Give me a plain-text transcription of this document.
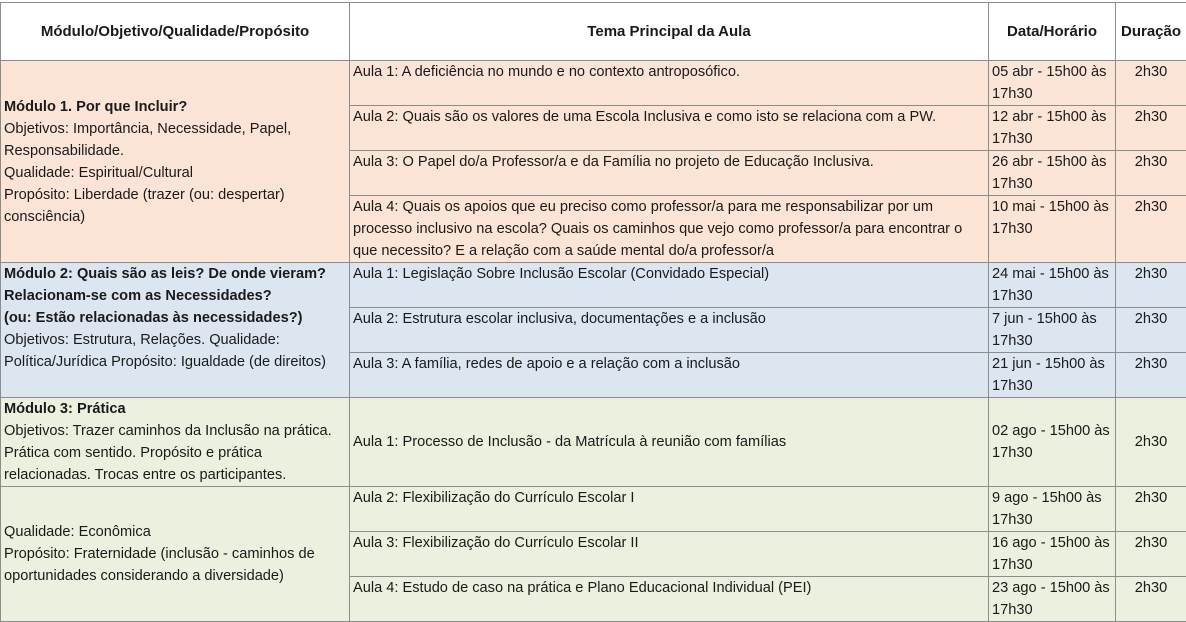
Módulo/Objetivo/Qualidade/Propósito	Tema Principal da Aula	Data/Horário	Duração

Módulo 1. Por que Incluir?
Objetivos: Importância, Necessidade, Papel, Responsabilidade.
Qualidade: Espiritual/Cultural
Propósito: Liberdade (trazer (ou: despertar) consciência)	Aula 1: A deficiência no mundo e no contexto antroposófico.	05 abr - 15h00 às 17h30	2h30
	Aula 2: Quais são os valores de uma Escola Inclusiva e como isto se relaciona com a PW.	12 abr - 15h00 às 17h30	2h30
	Aula 3: O Papel do/a Professor/a e da Família no projeto de Educação Inclusiva.	26 abr - 15h00 às 17h30	2h30
	Aula 4: Quais os apoios que eu preciso como professor/a para me responsabilizar por um processo inclusivo na escola? Quais os caminhos que vejo como professor/a para encontrar o que necessito? E a relação com a saúde mental do/a professor/a	10 mai - 15h00 às 17h30	2h30

Módulo 2: Quais são as leis? De onde vieram?
Relacionam-se com as Necessidades?
(ou: Estão relacionadas às necessidades?)
Objetivos: Estrutura, Relações. Qualidade: Política/Jurídica Propósito: Igualdade (de direitos)	Aula 1: Legislação Sobre Inclusão Escolar (Convidado Especial)	24 mai - 15h00 às 17h30	2h30
	Aula 2: Estrutura escolar inclusiva, documentações e a inclusão	7 jun - 15h00 às 17h30	2h30
	Aula 3: A família, redes de apoio e a relação com a inclusão	21 jun - 15h00 às 17h30	2h30

Módulo 3: Prática
Objetivos: Trazer caminhos da Inclusão na prática. Prática com sentido. Propósito e prática relacionadas. Trocas entre os participantes.	Aula 1: Processo de Inclusão - da Matrícula à reunião com famílias	02 ago - 15h00 às 17h30	2h30

Qualidade: Econômica
Propósito: Fraternidade (inclusão - caminhos de oportunidades considerando a diversidade)	Aula 2: Flexibilização do Currículo Escolar I	9 ago - 15h00 às 17h30	2h30
	Aula 3: Flexibilização do Currículo Escolar II	16 ago - 15h00 às 17h30	2h30
	Aula 4: Estudo de caso na prática e Plano Educacional Individual (PEI)	23 ago - 15h00 às 17h30	2h30
